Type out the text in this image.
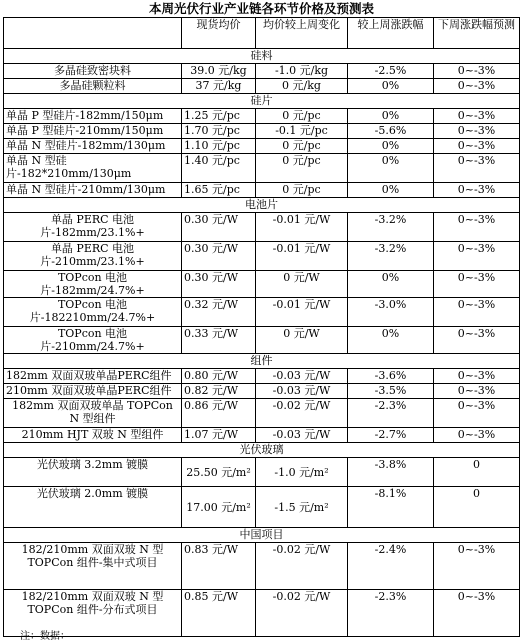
本周光伏行业产业链各环节价格及预测表
	现货均价	均价较上周变化	较上周涨跌幅	下周涨跌幅预测
硅料				
多晶硅致密块料	39.0 元/kg	-1.0 元/kg	-2.5%	0~-3%
多晶硅颗粒料	37 元/kg	0 元/kg	0%	0~-3%
硅片				
单晶 P 型硅片-182mm/150μm	1.25 元/pc	0 元/pc	0%	0~-3%
单晶 P 型硅片-210mm/150μm	1.70 元/pc	-0.1 元/pc	-5.6%	0~-3%
单晶 N 型硅片-182mm/130μm	1.10 元/pc	0 元/pc	0%	0~-3%
单晶 N 型硅片-182*210mm/130μm	1.40 元/pc	0 元/pc	0%	0~-3%
单晶 N 型硅片-210mm/130μm	1.65 元/pc	0 元/pc	0%	0~-3%
电池片				
单晶 PERC 电池片-182mm/23.1%+	0.30 元/W	-0.01 元/W	-3.2%	0~-3%
单晶 PERC 电池片-210mm/23.1%+	0.30 元/W	-0.01 元/W	-3.2%	0~-3%
TOPcon 电池片-182mm/24.7%+	0.30 元/W	0 元/W	0%	0~-3%
TOPcon 电池片-182210mm/24.7%+	0.32 元/W	-0.01 元/W	-3.0%	0~-3%
TOPcon 电池片-210mm/24.7%+	0.33 元/W	0 元/W	0%	0~-3%
组件				
182mm 双面双玻单晶PERC组件	0.80 元/W	-0.03 元/W	-3.6%	0~-3%
210mm 双面双玻单晶PERC组件	0.82 元/W	-0.03 元/W	-3.5%	0~-3%
182mm 双面双玻单晶 TOPCon N 型组件	0.86 元/W	-0.02 元/W	-2.3%	0~-3%
210mm HJT 双玻 N 型组件	1.07 元/W	-0.03 元/W	-2.7%	0~-3%
光伏玻璃				
光伏玻璃 3.2mm 镀膜	25.50 元/m²	-1.0 元/m²	-3.8%	0
光伏玻璃 2.0mm 镀膜	17.00 元/m²	-1.5 元/m²	-8.1%	0
中国项目				
182/210mm 双面双玻 N 型 TOPCon 组件-集中式项目	0.83 元/W	-0.02 元/W	-2.4%	0~-3%
182/210mm 双面双玻 N 型 TOPCon 组件-分布式项目	0.85 元/W	-0.02 元/W	-2.3%	0~-3%
注：数据：
